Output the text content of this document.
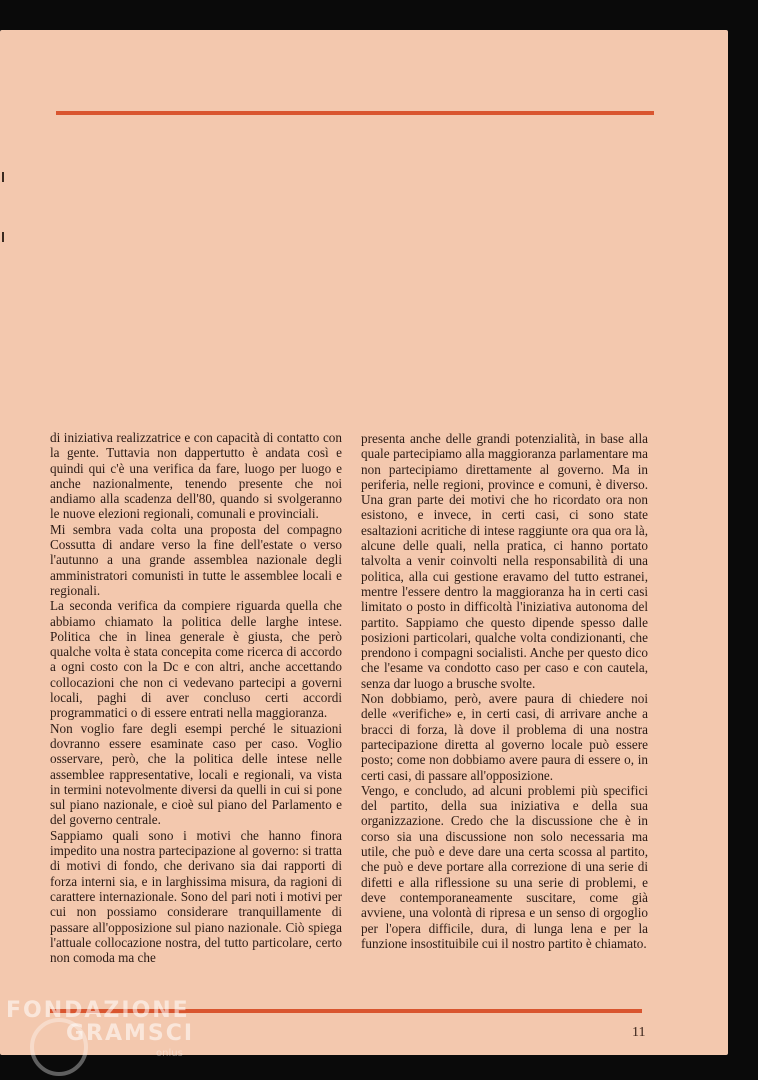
di iniziativa realizzatrice e con capacità di contatto con la gente. Tuttavia non dappertutto è andata così e quindi qui c'è una verifica da fare, luogo per luogo e anche nazionalmente, tenendo presente che noi andiamo alla scadenza dell'80, quando si svolgeranno le nuove elezioni regionali, comunali e provinciali.

Mi sembra vada colta una proposta del compagno Cossutta di andare verso la fine dell'estate o verso l'autunno a una grande assemblea nazionale degli amministratori comunisti in tutte le assemblee locali e regionali.

La seconda verifica da compiere riguarda quella che abbiamo chiamato la politica delle larghe intese. Politica che in linea generale è giusta, che però qualche volta è stata concepita come ricerca di accordo a ogni costo con la Dc e con altri, anche accettando collocazioni che non ci vedevano partecipi a governi locali, paghi di aver concluso certi accordi programmatici o di essere entrati nella maggioranza.

Non voglio fare degli esempi perché le situazioni dovranno essere esaminate caso per caso. Voglio osservare, però, che la politica delle intese nelle assemblee rappresentative, locali e regionali, va vista in termini notevolmente diversi da quelli in cui si pone sul piano nazionale, e cioè sul piano del Parlamento e del governo centrale.

Sappiamo quali sono i motivi che hanno finora impedito una nostra partecipazione al governo: si tratta di motivi di fondo, che derivano sia dai rapporti di forza interni sia, e in larghissima misura, da ragioni di carattere internazionale. Sono del pari noti i motivi per cui non possiamo considerare tranquillamente di passare all'opposizione sul piano nazionale. Ciò spiega l'attuale collocazione nostra, del tutto particolare, certo non comoda ma che

presenta anche delle grandi potenzialità, in base alla quale partecipiamo alla maggioranza parlamentare ma non partecipiamo direttamente al governo. Ma in periferia, nelle regioni, province e comuni, è diverso. Una gran parte dei motivi che ho ricordato ora non esistono, e invece, in certi casi, ci sono state esaltazioni acritiche di intese raggiunte ora qua ora là, alcune delle quali, nella pratica, ci hanno portato talvolta a venir coinvolti nella responsabilità di una politica, alla cui gestione eravamo del tutto estranei, mentre l'essere dentro la maggioranza ha in certi casi limitato o posto in difficoltà l'iniziativa autonoma del partito. Sappiamo che questo dipende spesso dalle posizioni particolari, qualche volta condizionanti, che prendono i compagni socialisti. Anche per questo dico che l'esame va condotto caso per caso e con cautela, senza dar luogo a brusche svolte.

Non dobbiamo, però, avere paura di chiedere noi delle «verifiche» e, in certi casi, di arrivare anche a bracci di forza, là dove il problema di una nostra partecipazione diretta al governo locale può essere posto; come non dobbiamo avere paura di essere o, in certi casi, di passare all'opposizione.

Vengo, e concludo, ad alcuni problemi più specifici del partito, della sua iniziativa e della sua organizzazione. Credo che la discussione che è in corso sia una discussione non solo necessaria ma utile, che può e deve dare una certa scossa al partito, che può e deve portare alla correzione di una serie di difetti e alla riflessione su una serie di problemi, e deve contemporaneamente suscitare, come già avviene, una volontà di ripresa e un senso di orgoglio per l'opera difficile, dura, di lunga lena e per la funzione insostituibile cui il nostro partito è chiamato.

11
FONDAZIONE
GRAMSCI
onlus
